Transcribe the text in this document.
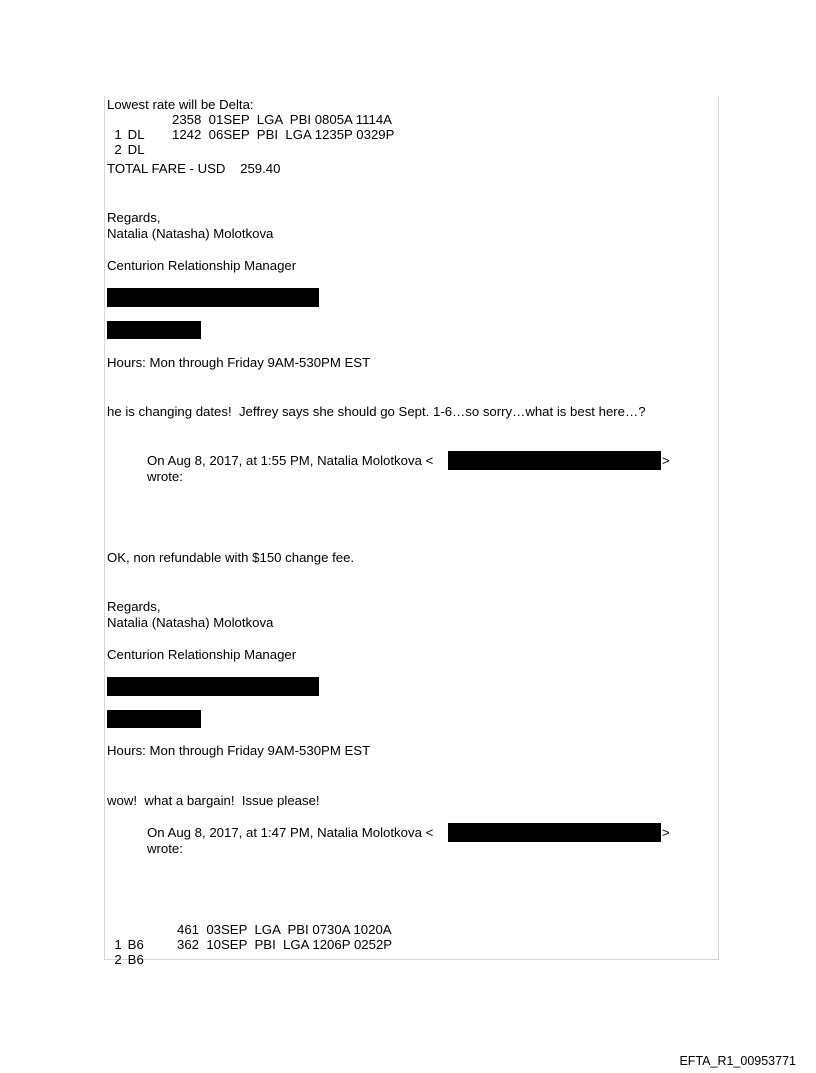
Lowest rate will be Delta:

1 DL

2358  01SEP  LGA  PBI 0805A 1114A

2 DL

1242  06SEP  PBI  LGA 1235P 0329P
TOTAL FARE - USD    259.40
Regards,
Natalia (Natasha) Molotkova
Centurion Relationship Manager
Hours: Mon through Friday 9AM-530PM EST
he is changing dates!  Jeffrey says she should go Sept. 1-6…so sorry…what is best here…?
On Aug 8, 2017, at 1:55 PM, Natalia Molotkova <	>
wrote:
OK, non refundable with $150 change fee.
Regards,
Natalia (Natasha) Molotkova
Centurion Relationship Manager
Hours: Mon through Friday 9AM-530PM EST
wow!  what a bargain!  Issue please!
On Aug 8, 2017, at 1:47 PM, Natalia Molotkova <	>
wrote:

1 B6

461  03SEP  LGA  PBI 0730A 1020A

2 B6

362  10SEP  PBI  LGA 1206P 0252P
EFTA_R1_00953771
